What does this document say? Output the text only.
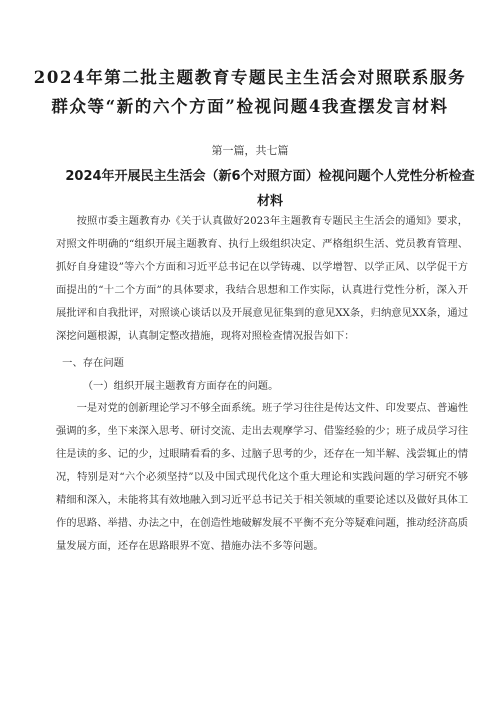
2024年第二批主题教育专题民主生活会对照联系服务群众等“新的六个方面”检视问题4我查摆发言材料
第一篇，共七篇
2024年开展民主生活会（新6个对照方面）检视问题个人党性分析检查材料

按照市委主题教育办《关于认真做好2023年主题教育专题民主生活会的通知》要求，对照文件明确的“组织开展主题教育、执行上级组织决定、严格组织生活、党员教育管理、抓好自身建设”等六个方面和习近平总书记在以学铸魂、以学增智、以学正风、以学促干方面提出的“十二个方面”的具体要求，我结合思想和工作实际，认真进行党性分析，深入开展批评和自我批评，对照谈心谈话以及开展意见征集到的意见XX条，归纳意见XX条，通过深挖问题根源，认真制定整改措施，现将对照检查情况报告如下：

一、存在问题

（一）组织开展主题教育方面存在的问题。

一是对党的创新理论学习不够全面系统。班子学习往往是传达文件、印发要点、普遍性强调的多，坐下来深入思考、研讨交流、走出去观摩学习、借鉴经验的少；班子成员学习往往是读的多、记的少，过眼睛看看的多、过脑子思考的少，还存在一知半解、浅尝辄止的情况，特别是对“六个必须坚持”以及中国式现代化这个重大理论和实践问题的学习研究不够精细和深入，未能将其有效地融入到习近平总书记关于相关领域的重要论述以及做好具体工作的思路、举措、办法之中，在创造性地破解发展不平衡不充分等疑难问题，推动经济高质量发展方面，还存在思路眼界不宽、措施办法不多等问题。
